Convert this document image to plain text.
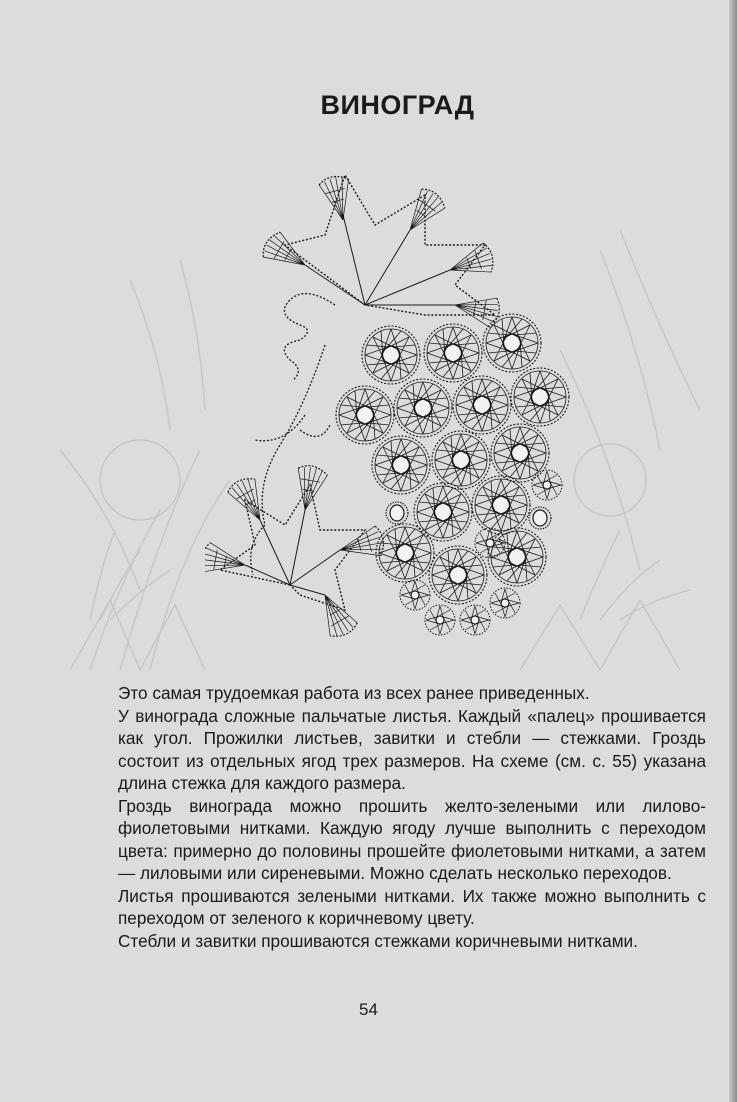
ВИНОГРАД

Это самая трудоемкая работа из всех ранее приведенных.

У винограда сложные пальчатые листья. Каждый «палец» прошивается как угол. Прожилки листьев, завитки и стебли — стежками. Гроздь состоит из отдельных ягод трех размеров. На схеме (см. с. 55) указана длина стежка для каждого размера.

Гроздь винограда можно прошить желто-зелеными или лилово-фиолетовыми нитками. Каждую ягоду лучше выполнить с переходом цвета: примерно до половины прошейте фиолетовыми нитками, а затем — лиловыми или сиреневыми. Можно сделать несколько переходов.

Листья прошиваются зелеными нитками. Их также можно выполнить с переходом от зеленого к коричневому цвету.

Стебли и завитки прошиваются стежками коричневыми нитками.

54
